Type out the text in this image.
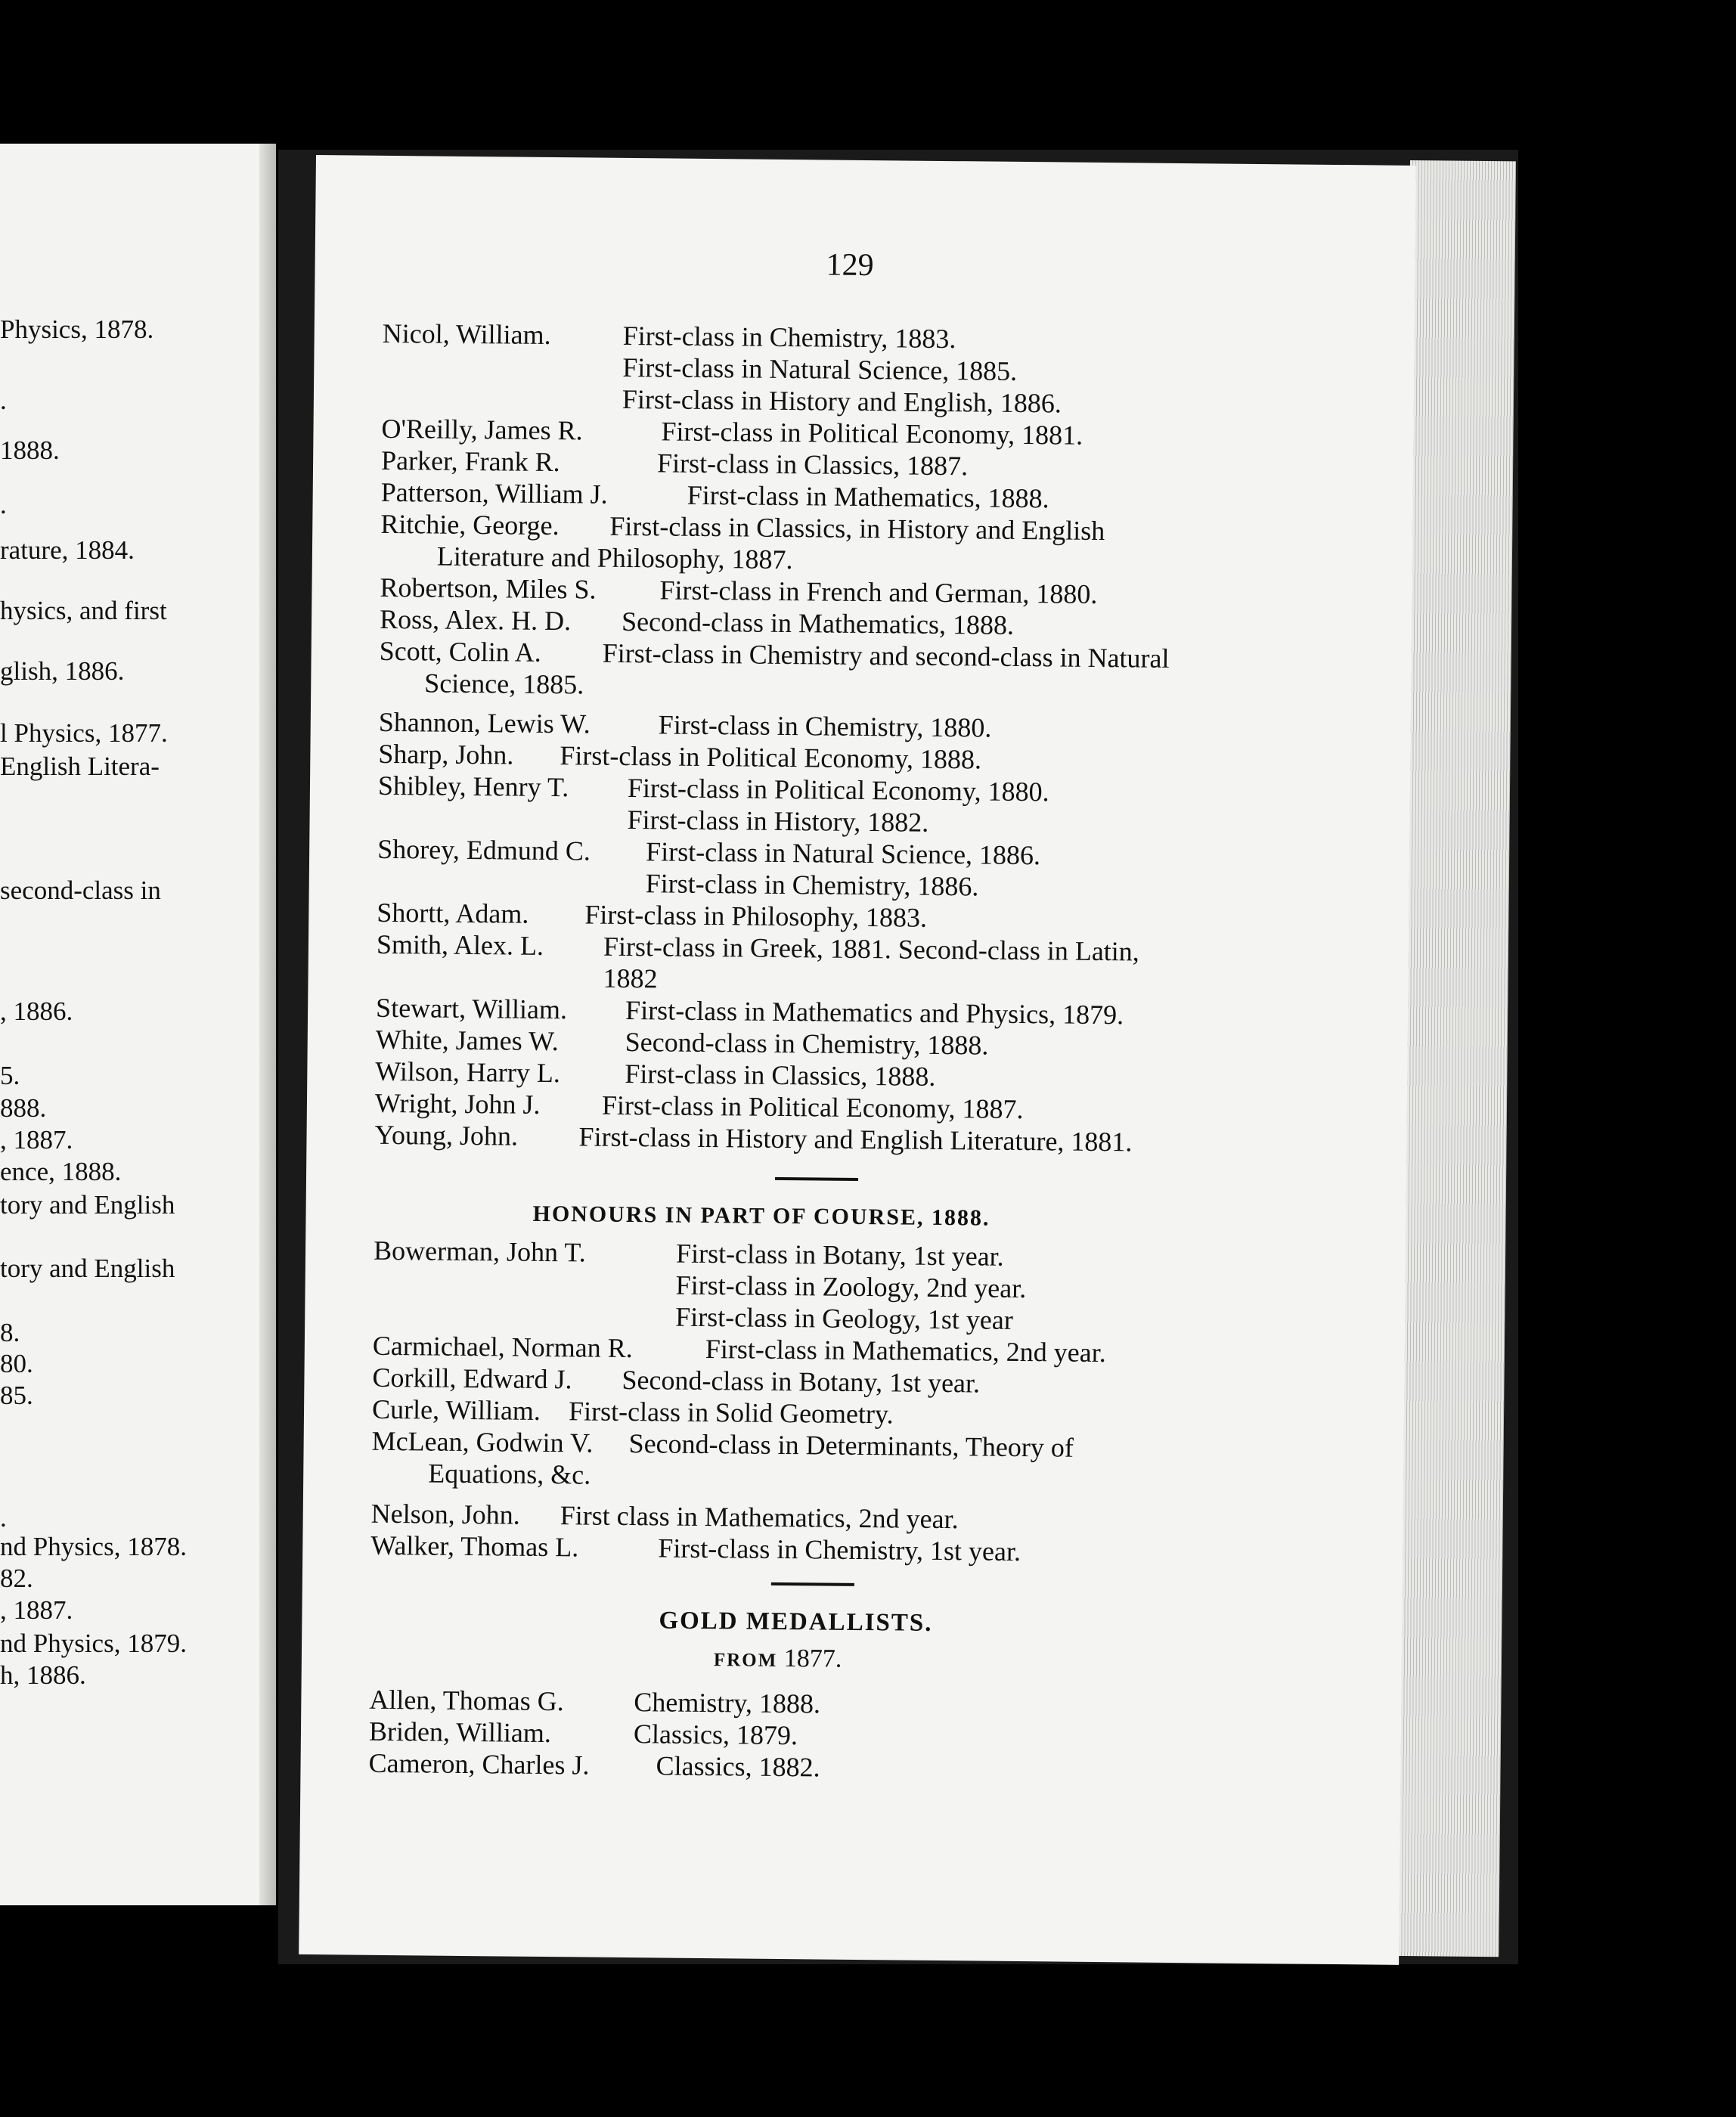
Physics, 1878.

.

1888.

.

rature, 1884.

hysics, and first

glish, 1886.

l Physics, 1877.

English Litera-

second-class in

, 1886.

5.

888.

, 1887.

ence, 1888.

tory and English

tory and English

8.

80.

85.

.

nd Physics, 1878.

82.

, 1887.

nd Physics, 1879.

h, 1886.

129

Nicol, William.	First-class in Chemistry, 1883.
First-class in Natural Science, 1885.
First-class in History and English, 1886.
O'Reilly, James R.	First-class in Political Economy, 1881.
Parker, Frank R.	First-class in Classics, 1887.
Patterson, William J.	First-class in Mathematics, 1888.
Ritchie, George. First-class in Classics, in History and English
Literature and Philosophy, 1887.
Robertson, Miles S. First-class in French and German, 1880.
Ross, Alex. H. D. Second-class in Mathematics, 1888.
Scott, Colin A. First-class in Chemistry and second-class in Natural
Science, 1885.
Shannon, Lewis W. First-class in Chemistry, 1880.
Sharp, John. First-class in Political Economy, 1888.
Shibley, Henry T. First-class in Political Economy, 1880.
First-class in History, 1882.
Shorey, Edmund C. First-class in Natural Science, 1886.
First-class in Chemistry, 1886.
Shortt, Adam. First-class in Philosophy, 1883.
Smith, Alex. L. First-class in Greek, 1881. Second-class in Latin,
1882
Stewart, William. First-class in Mathematics and Physics, 1879.
White, James W. Second-class in Chemistry, 1888.
Wilson, Harry L. First-class in Classics, 1888.
Wright, John J. First-class in Political Economy, 1887.
Young, John. First-class in History and English Literature, 1881.

HONOURS IN PART OF COURSE, 1888.

Bowerman, John T.	First-class in Botany, 1st year.
First-class in Zoology, 2nd year.
First-class in Geology, 1st year
Carmichael, Norman R.	First-class in Mathematics, 2nd year.
Corkill, Edward J. Second-class in Botany, 1st year.
Curle, William. First-class in Solid Geometry.
McLean, Godwin V. Second-class in Determinants, Theory of
Equations, &c.
Nelson, John. First class in Mathematics, 2nd year.
Walker, Thomas L.	First-class in Chemistry, 1st year.

GOLD MEDALLISTS.

FROM 1877.

Allen, Thomas G.	Chemistry, 1888.
Briden, William.	Classics, 1879.
Cameron, Charles J. Classics, 1882.
